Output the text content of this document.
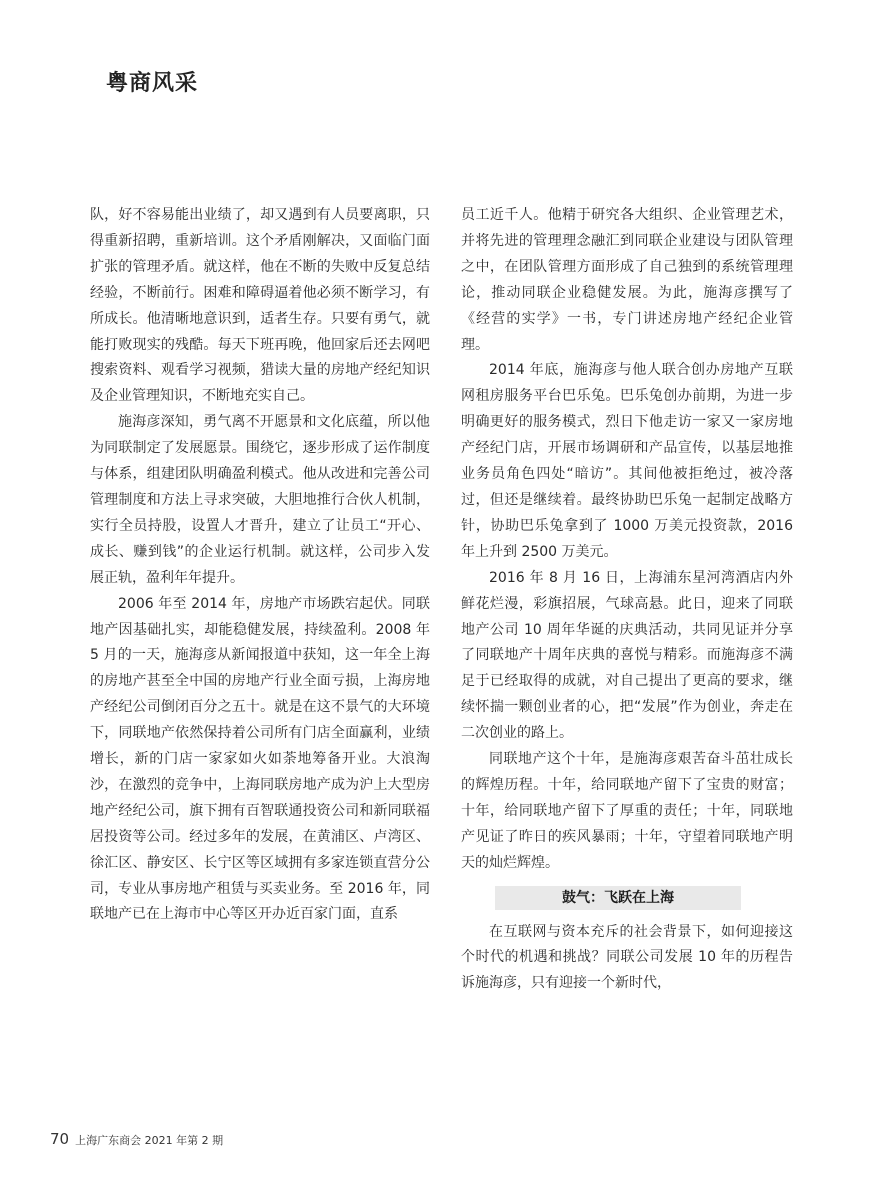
粤商风采

队，好不容易能出业绩了，却又遇到有人员要离职，只得重新招聘，重新培训。这个矛盾刚解决，又面临门面扩张的管理矛盾。就这样，他在不断的失败中反复总结经验，不断前行。困难和障碍逼着他必须不断学习，有所成长。他清晰地意识到，适者生存。只要有勇气，就能打败现实的残酷。每天下班再晚，他回家后还去网吧搜索资料、观看学习视频，猎读大量的房地产经纪知识及企业管理知识，不断地充实自己。

施海彦深知，勇气离不开愿景和文化底蕴，所以他为同联制定了发展愿景。围绕它，逐步形成了运作制度与体系，组建团队明确盈利模式。他从改进和完善公司管理制度和方法上寻求突破，大胆地推行合伙人机制，实行全员持股，设置人才晋升，建立了让员工“开心、成长、赚到钱”的企业运行机制。就这样，公司步入发展正轨，盈利年年提升。

2006 年至 2014 年，房地产市场跌宕起伏。同联地产因基础扎实，却能稳健发展，持续盈利。2008 年 5 月的一天，施海彦从新闻报道中获知，这一年全上海的房地产甚至全中国的房地产行业全面亏损，上海房地产经纪公司倒闭百分之五十。就是在这不景气的大环境下，同联地产依然保持着公司所有门店全面赢利，业绩增长，新的门店一家家如火如荼地筹备开业。大浪淘沙，在激烈的竞争中，上海同联房地产成为沪上大型房地产经纪公司，旗下拥有百智联通投资公司和新同联福居投资等公司。经过多年的发展，在黄浦区、卢湾区、徐汇区、静安区、长宁区等区域拥有多家连锁直营分公司，专业从事房地产租赁与买卖业务。至 2016 年，同联地产已在上海市中心等区开办近百家门面，直系

员工近千人。他精于研究各大组织、企业管理艺术，并将先进的管理理念融汇到同联企业建设与团队管理之中，在团队管理方面形成了自己独到的系统管理理论，推动同联企业稳健发展。为此，施海彦撰写了《经营的实学》一书，专门讲述房地产经纪企业管理。

2014 年底，施海彦与他人联合创办房地产互联网租房服务平台巴乐兔。巴乐兔创办前期，为进一步明确更好的服务模式，烈日下他走访一家又一家房地产经纪门店，开展市场调研和产品宣传，以基层地推业务员角色四处“暗访”。其间他被拒绝过，被冷落过，但还是继续着。最终协助巴乐兔一起制定战略方针，协助巴乐兔拿到了 1000 万美元投资款，2016 年上升到 2500 万美元。

2016 年 8 月 16 日，上海浦东星河湾酒店内外鲜花烂漫，彩旗招展，气球高悬。此日，迎来了同联地产公司 10 周年华诞的庆典活动，共同见证并分享了同联地产十周年庆典的喜悦与精彩。而施海彦不满足于已经取得的成就，对自己提出了更高的要求，继续怀揣一颗创业者的心，把“发展”作为创业，奔走在二次创业的路上。

同联地产这个十年，是施海彦艰苦奋斗茁壮成长的辉煌历程。十年，给同联地产留下了宝贵的财富；十年，给同联地产留下了厚重的责任；十年，同联地产见证了昨日的疾风暴雨；十年，守望着同联地产明天的灿烂辉煌。

鼓气：飞跃在上海

在互联网与资本充斥的社会背景下，如何迎接这个时代的机遇和挑战？同联公司发展 10 年的历程告诉施海彦，只有迎接一个新时代，

70 上海广东商会 2021 年第 2 期
